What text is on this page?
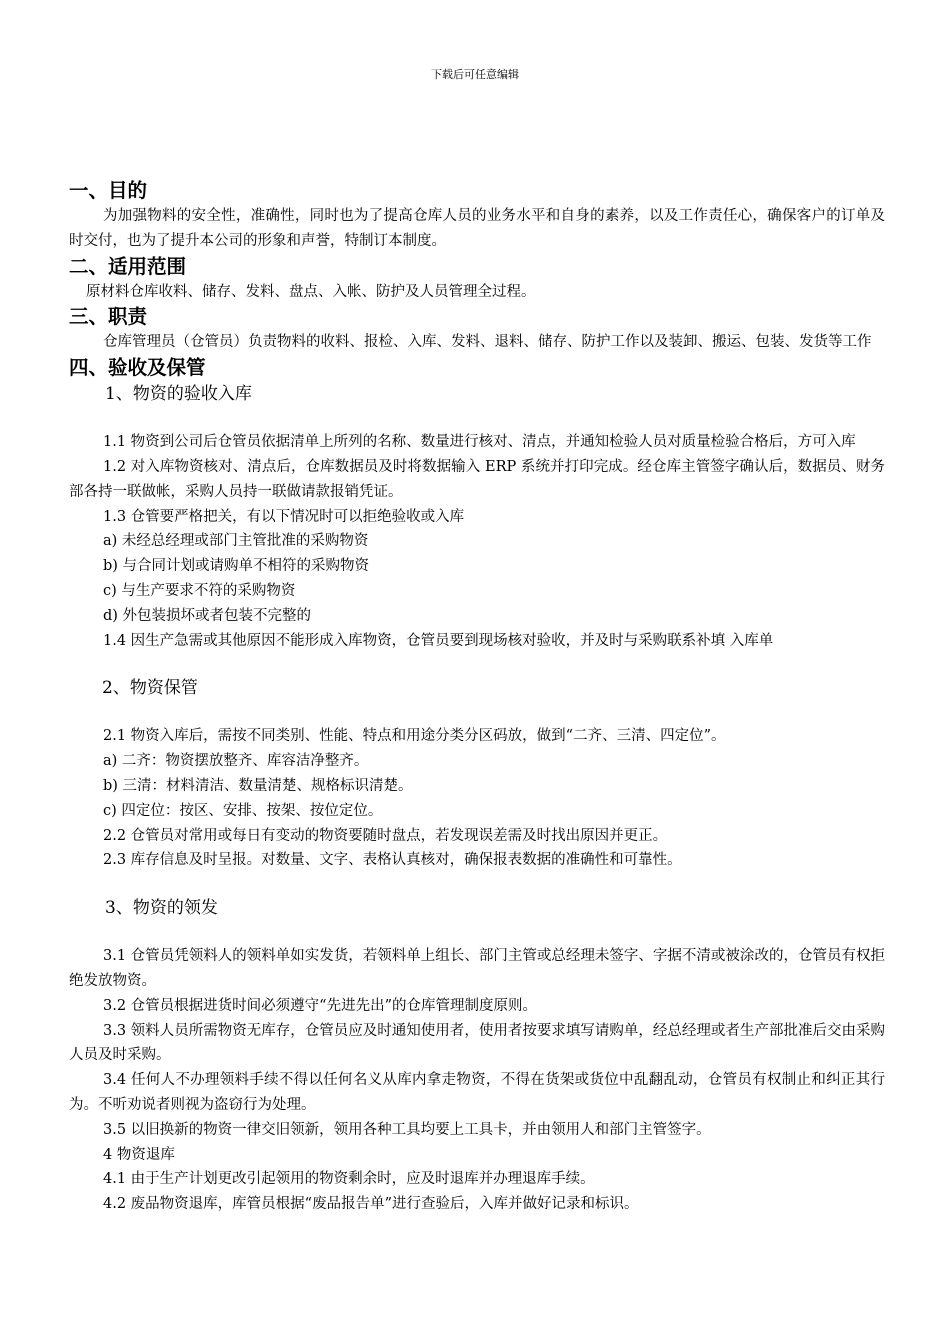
下载后可任意编辑
一、目的

为加强物料的安全性，准确性，同时也为了提高仓库人员的业务水平和自身的素养，以及工作责任心，确保客户的订单及时交付，也为了提升本公司的形象和声誉，特制订本制度。

二、适用范围

原材料仓库收料、储存、发料、盘点、入帐、防护及人员管理全过程。

三、职责

仓库管理员（仓管员）负责物料的收料、报检、入库、发料、退料、储存、防护工作以及装卸、搬运、包装、发货等工作

四、验收及保管

1、物资的验收入库

1.1 物资到公司后仓管员依据清单上所列的名称、数量进行核对、清点，并通知检验人员对质量检验合格后，方可入库

1.2 对入库物资核对、清点后，仓库数据员及时将数据输入 ERP 系统并打印完成。经仓库主管签字确认后，数据员、财务部各持一联做帐，采购人员持一联做请款报销凭证。

1.3 仓管要严格把关，有以下情况时可以拒绝验收或入库

a) 未经总经理或部门主管批准的采购物资

b) 与合同计划或请购单不相符的采购物资

c) 与生产要求不符的采购物资

d) 外包装损坏或者包装不完整的

1.4 因生产急需或其他原因不能形成入库物资，仓管员要到现场核对验收，并及时与采购联系补填 入库单

2、物资保管

2.1 物资入库后，需按不同类别、性能、特点和用途分类分区码放，做到“二齐、三清、四定位”。

a) 二齐：物资摆放整齐、库容洁净整齐。

b) 三清：材料清洁、数量清楚、规格标识清楚。

c) 四定位：按区、安排、按架、按位定位。

2.2 仓管员对常用或每日有变动的物资要随时盘点，若发现误差需及时找出原因并更正。

2.3 库存信息及时呈报。对数量、文字、表格认真核对，确保报表数据的准确性和可靠性。

3、物资的领发

3.1 仓管员凭领料人的领料单如实发货，若领料单上组长、部门主管或总经理未签字、字据不清或被涂改的，仓管员有权拒绝发放物资。

3.2 仓管员根据进货时间必须遵守“先进先出”的仓库管理制度原则。

3.3 领料人员所需物资无库存，仓管员应及时通知使用者，使用者按要求填写请购单，经总经理或者生产部批准后交由采购人员及时采购。

3.4 任何人不办理领料手续不得以任何名义从库内拿走物资，不得在货架或货位中乱翻乱动，仓管员有权制止和纠正其行为。不听劝说者则视为盗窃行为处理。

3.5 以旧换新的物资一律交旧领新，领用各种工具均要上工具卡，并由领用人和部门主管签字。

4 物资退库

4.1 由于生产计划更改引起领用的物资剩余时，应及时退库并办理退库手续。

4.2 废品物资退库，库管员根据“废品报告单”进行查验后，入库并做好记录和标识。
